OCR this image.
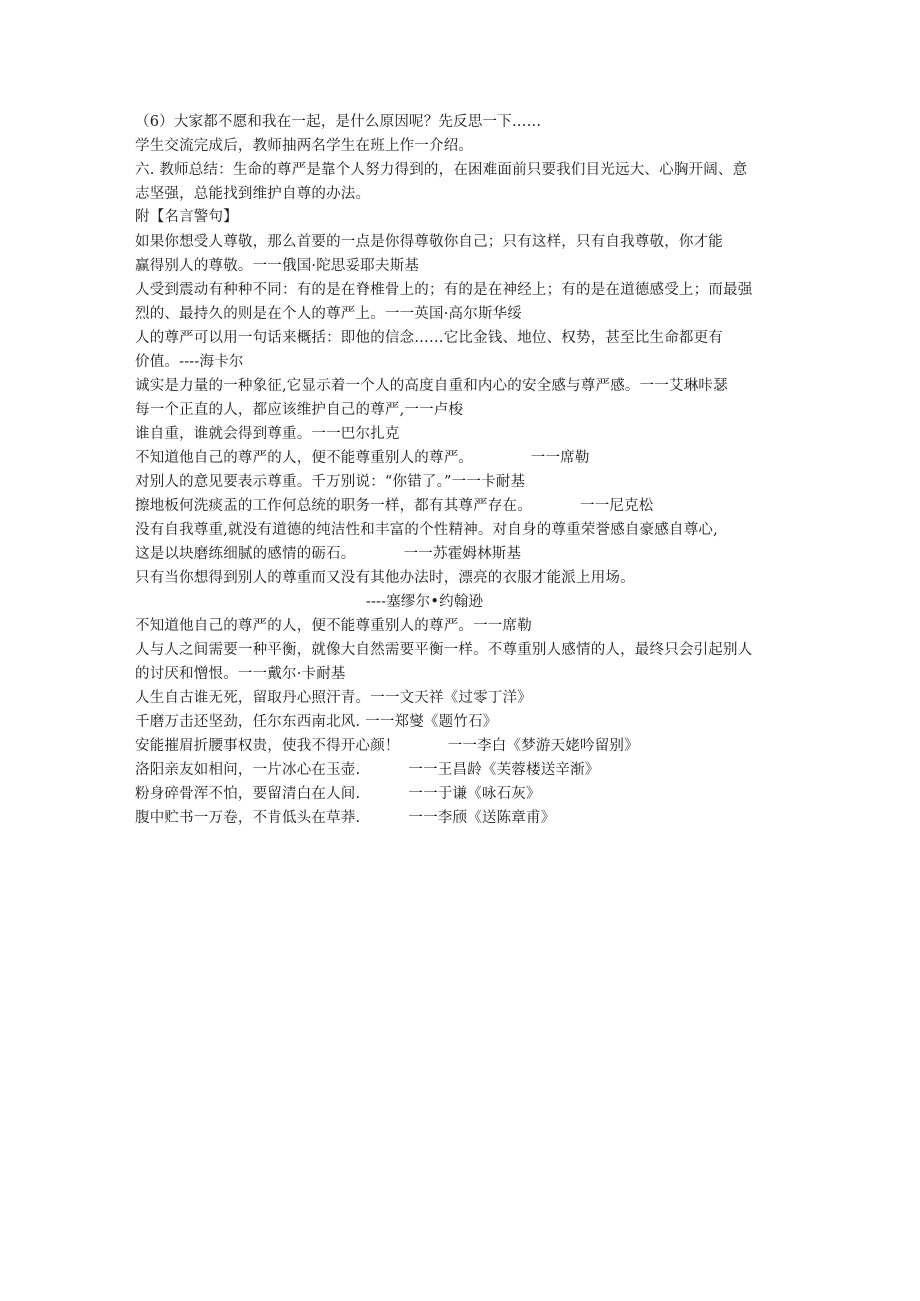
（6）大家都不愿和我在一起，是什么原因呢？先反思一下……
学生交流完成后，教师抽两名学生在班上作一介绍。
六. 教师总结：生命的尊严是靠个人努力得到的，在困难面前只要我们目光远大、心胸开阔、意
志坚强，总能找到维护自尊的办法。
附【名言警句】
如果你想受人尊敬，那么首要的一点是你得尊敬你自己；只有这样，只有自我尊敬，你才能
赢得别人的尊敬。一一俄国·陀思妥耶夫斯基
人受到震动有种种不同：有的是在脊椎骨上的；有的是在神经上；有的是在道德感受上；而最强
烈的、最持久的则是在个人的尊严上。一一英国·高尔斯华绥
人的尊严可以用一句话来概括：即他的信念……它比金钱、地位、权势，甚至比生命都更有
价值。----海卡尔
诚实是力量的一种象征,它显示着一个人的高度自重和内心的安全感与尊严感。一一艾琳咔瑟
每一个正直的人，都应该维护自己的尊严,一一卢梭
谁自重，谁就会得到尊重。一一巴尔扎克
不知道他自己的尊严的人，便不能尊重别人的尊严。            一一席勒
对别人的意见要表示尊重。千万别说：“你错了。”一一卡耐基
擦地板何洗痰盂的工作何总统的职务一样，都有其尊严存在。          一一尼克松
没有自我尊重,就没有道德的纯洁性和丰富的个性精神。对自身的尊重荣誉感自豪感自尊心,
这是以块磨练细腻的感情的砺石。          一一苏霍姆林斯基
只有当你想得到别人的尊重而又没有其他办法时，漂亮的衣服才能派上用场。
----塞缪尔•约翰逊
不知道他自己的尊严的人，便不能尊重别人的尊严。一一席勒
人与人之间需要一种平衡，就像大自然需要平衡一样。不尊重别人感情的人，最终只会引起别人
的讨厌和憎恨。一一戴尔·卡耐基
人生自古谁无死，留取丹心照汗青。一一文天祥《过零丁洋》
千磨万击还坚劲，任尔东西南北风. 一一郑燮《题竹石》
安能摧眉折腰事权贵，使我不得开心颜！          一一李白《梦游天姥吟留别》
洛阳亲友如相问，一片冰心在玉壶.          一一王昌龄《芙蓉楼送辛渐》
粉身碎骨浑不怕，要留清白在人间.          一一于谦《咏石灰》
腹中贮书一万卷，不肯低头在草莽.          一一李颀《送陈章甫》
